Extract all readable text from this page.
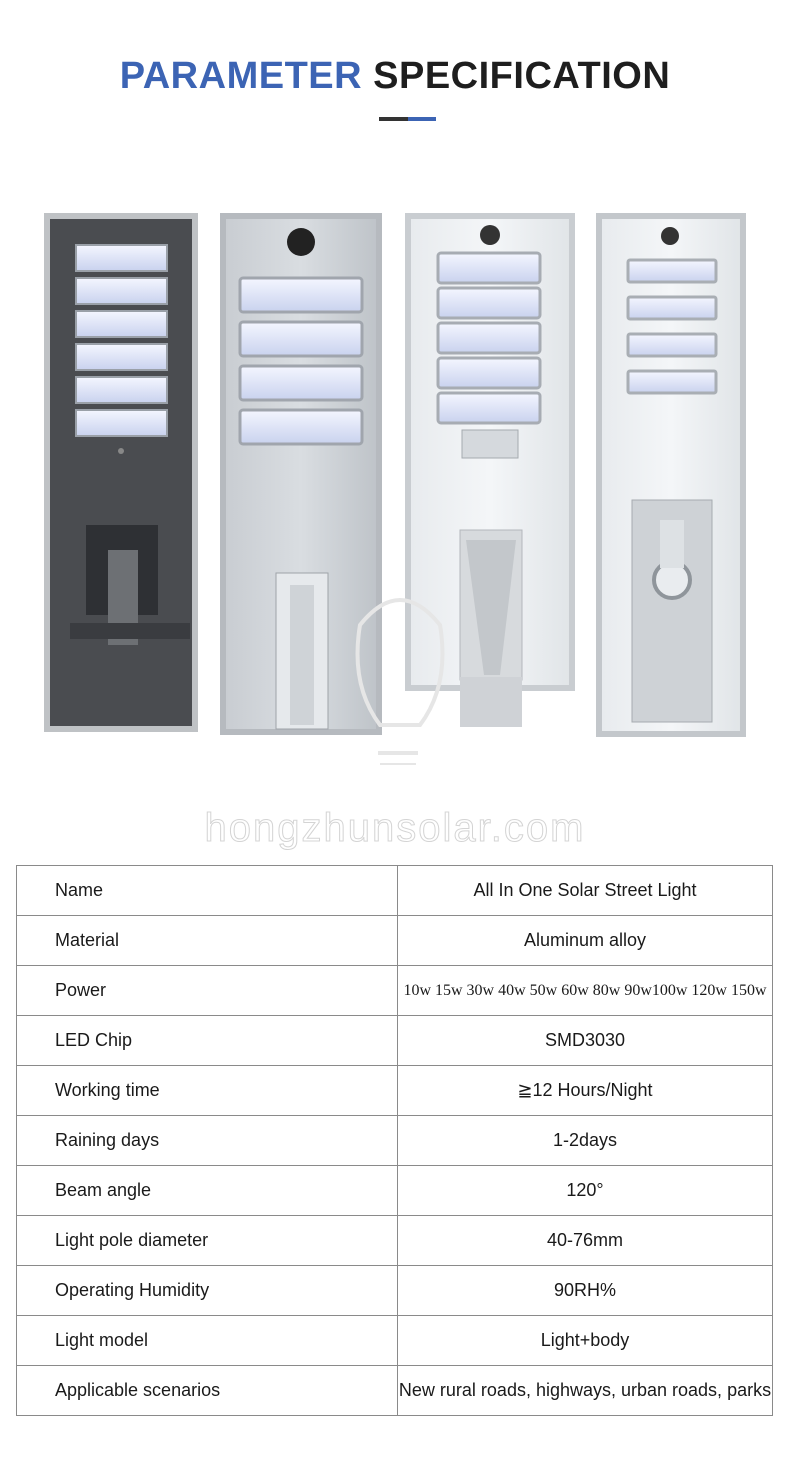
PARAMETER SPECIFICATION
hongzhunsolar.com
Name	All In One Solar Street Light
Material	Aluminum alloy
Power	10w 15w 30w 40w 50w 60w 80w 90w100w 120w 150w
LED Chip	SMD3030
Working time	≧12 Hours/Night
Raining days	1-2days
Beam angle	120°
Light pole diameter	40-76mm
Operating Humidity	90RH%
Light model	Light+body
Applicable scenarios	New rural roads, highways, urban roads, parks
